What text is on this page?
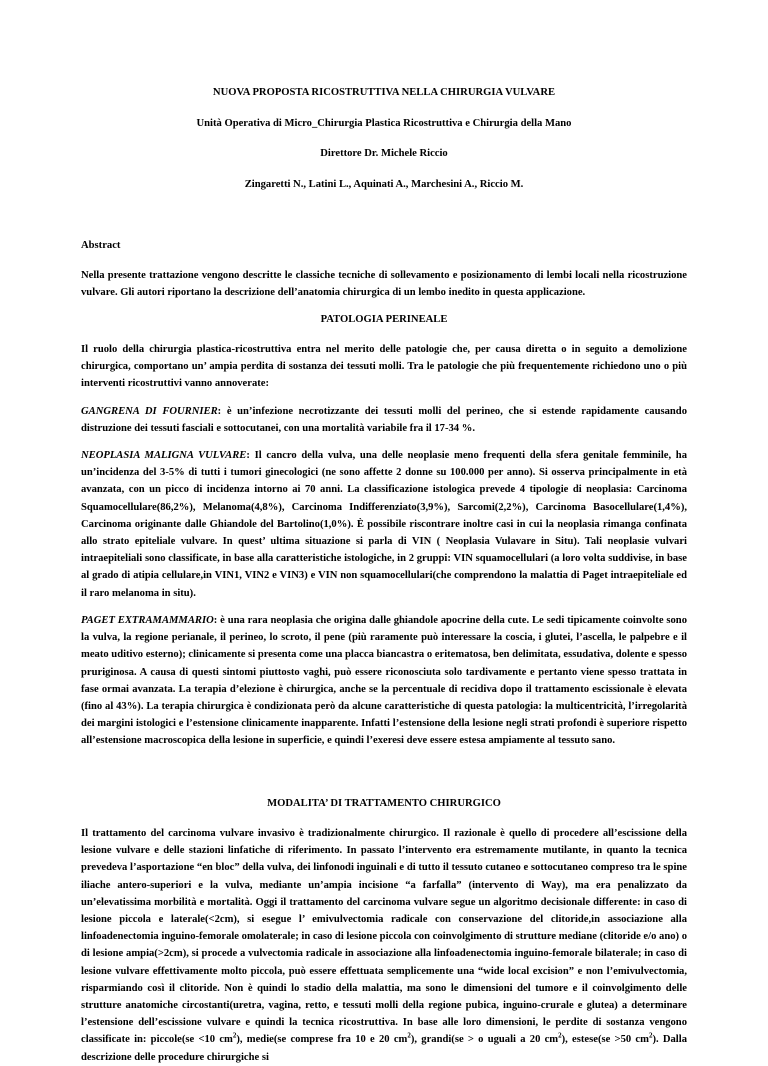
NUOVA PROPOSTA RICOSTRUTTIVA NELLA CHIRURGIA VULVARE
Unità Operativa di Micro_Chirurgia Plastica Ricostruttiva e Chirurgia della Mano
Direttore Dr. Michele Riccio
Zingaretti N., Latini L., Aquinati A., Marchesini A., Riccio M.
Abstract

Nella presente trattazione vengono descritte le classiche tecniche di sollevamento e posizionamento di lembi locali nella ricostruzione vulvare. Gli autori riportano la descrizione dell’anatomia chirurgica di un lembo inedito in questa applicazione.

PATOLOGIA PERINEALE

Il ruolo della chirurgia plastica-ricostruttiva entra nel merito delle patologie che, per causa diretta o in seguito a demolizione chirurgica, comportano un’ ampia perdita di sostanza dei tessuti molli. Tra le patologie che più frequentemente richiedono uno o più interventi ricostruttivi vanno annoverate:

GANGRENA DI FOURNIER: è un’infezione necrotizzante dei tessuti molli del perineo, che si estende rapidamente causando distruzione dei tessuti fasciali e sottocutanei, con una mortalità variabile fra il 17-34 %.

NEOPLASIA MALIGNA VULVARE: Il cancro della vulva, una delle neoplasie meno frequenti della sfera genitale femminile, ha un’incidenza del 3-5% di tutti i tumori ginecologici (ne sono affette 2 donne su 100.000 per anno). Si osserva principalmente in età avanzata, con un picco di incidenza intorno ai 70 anni. La classificazione istologica prevede 4 tipologie di neoplasia: Carcinoma Squamocellulare(86,2%), Melanoma(4,8%), Carcinoma Indifferenziato(3,9%), Sarcomi(2,2%), Carcinoma Basocellulare(1,4%), Carcinoma originante dalle Ghiandole del Bartolino(1,0%). È possibile riscontrare inoltre casi in cui la neoplasia rimanga confinata allo strato epiteliale vulvare. In quest’ ultima situazione si parla di VIN ( Neoplasia Vulavare in Situ). Tali neoplasie vulvari intraepiteliali sono classificate, in base alla caratteristiche istologiche, in 2 gruppi: VIN squamocellulari (a loro volta suddivise, in base al grado di atipia cellulare,in VIN1, VIN2 e VIN3) e VIN non squamocellulari(che comprendono la malattia di Paget intraepiteliale ed il raro melanoma in situ).

PAGET EXTRAMAMMARIO: è una rara neoplasia che origina dalle ghiandole apocrine della cute. Le sedi tipicamente coinvolte sono la vulva, la regione perianale, il perineo, lo scroto, il pene (più raramente può interessare la coscia, i glutei, l’ascella, le palpebre e il meato uditivo esterno); clinicamente si presenta come una placca biancastra o eritematosa, ben delimitata, essudativa, dolente e spesso pruriginosa. A causa di questi sintomi piuttosto vaghi, può essere riconosciuta solo tardivamente e pertanto viene spesso trattata in fase ormai avanzata. La terapia d’elezione è chirurgica, anche se la percentuale di recidiva dopo il trattamento escissionale è elevata (fino al 43%). La terapia chirurgica è condizionata però da alcune caratteristiche di questa patologia: la multicentricità, l’irregolarità dei margini istologici e l’estensione clinicamente inapparente. Infatti l’estensione della lesione negli strati profondi è superiore rispetto all’estensione macroscopica della lesione in superficie, e quindi l’exeresi deve essere estesa ampiamente al tessuto sano.

MODALITA’ DI TRATTAMENTO CHIRURGICO

Il trattamento del carcinoma vulvare invasivo è tradizionalmente chirurgico. Il razionale è quello di procedere all’escissione della lesione vulvare e delle stazioni linfatiche di riferimento. In passato l’intervento era estremamente mutilante, in quanto la tecnica prevedeva l’asportazione “en bloc” della vulva, dei linfonodi inguinali e di tutto il tessuto cutaneo e sottocutaneo compreso tra le spine iliache antero-superiori e la vulva, mediante un’ampia incisione “a farfalla” (intervento di Way), ma era penalizzato da un’elevatissima morbilità e mortalità. Oggi il trattamento del carcinoma vulvare segue un algoritmo decisionale differente: in caso di lesione piccola e laterale(<2cm), si esegue l’ emivulvectomia radicale con conservazione del clitoride,in associazione alla linfoadenectomia inguino-femorale omolaterale; in caso di lesione piccola con coinvolgimento di strutture mediane (clitoride e/o ano) o di lesione ampia(>2cm), si procede a vulvectomia radicale in associazione alla linfoadenectomia inguino-femorale bilaterale; in caso di lesione vulvare effettivamente molto piccola, può essere effettuata semplicemente una “wide local excision” e non l’emivulvectomia, risparmiando così il clitoride. Non è quindi lo stadio della malattia, ma sono le dimensioni del tumore e il coinvolgimento delle strutture anatomiche circostanti(uretra, vagina, retto, e tessuti molli della regione pubica, inguino-crurale e glutea) a determinare l’estensione dell’escissione vulvare e quindi la tecnica ricostruttiva. In base alle loro dimensioni, le perdite di sostanza vengono classificate in: piccole(se <10 $cm^2$), medie(se comprese fra 10 e 20 $cm^2$), grandi(se > o uguali a 20 $cm^2$), estese(se >50 $cm^2$). Dalla descrizione delle procedure chirurgiche si
